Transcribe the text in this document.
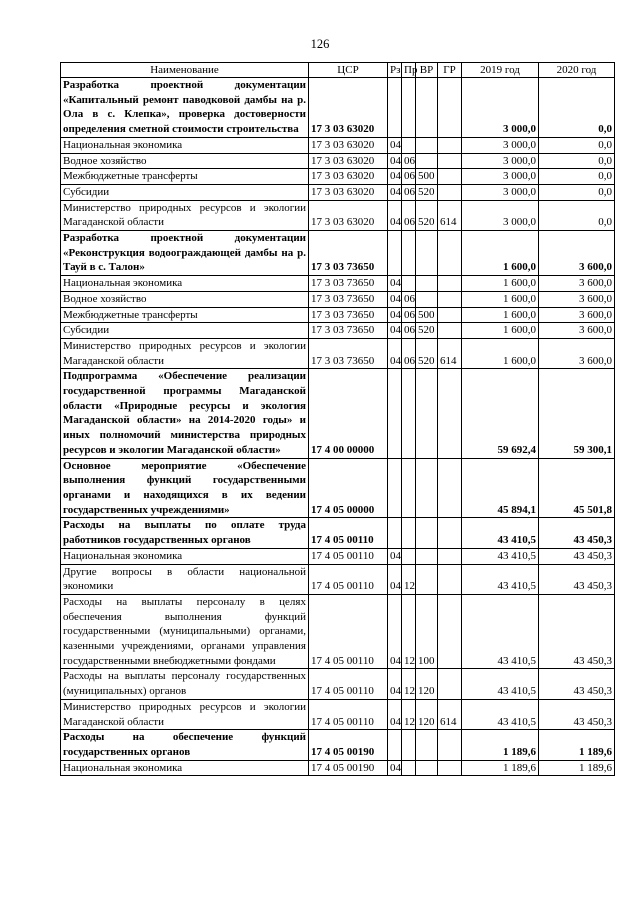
126
Наименование	ЦСР	Рз	Пр	ВР	ГР	2019 год	2020 год
Разработка проектной документации «Капитальный ремонт паводковой дамбы на р. Ола в с. Клепка», проверка достоверности определения сметной стоимости строительства	17 3 03 63020					3 000,0	0,0
Национальная экономика	17 3 03 63020	04				3 000,0	0,0
Водное хозяйство	17 3 03 63020	04	06			3 000,0	0,0
Межбюджетные трансферты	17 3 03 63020	04	06	500		3 000,0	0,0
Субсидии	17 3 03 63020	04	06	520		3 000,0	0,0
Министерство природных ресурсов и экологии Магаданской области	17 3 03 63020	04	06	520	614	3 000,0	0,0
Разработка проектной документации «Реконструкция водоограждающей дамбы на р. Тауй в с. Талон»	17 3 03 73650					1 600,0	3 600,0
Национальная экономика	17 3 03 73650	04				1 600,0	3 600,0
Водное хозяйство	17 3 03 73650	04	06			1 600,0	3 600,0
Межбюджетные трансферты	17 3 03 73650	04	06	500		1 600,0	3 600,0
Субсидии	17 3 03 73650	04	06	520		1 600,0	3 600,0
Министерство природных ресурсов и экологии Магаданской области	17 3 03 73650	04	06	520	614	1 600,0	3 600,0
Подпрограмма «Обеспечение реализации государственной программы Магаданской области «Природные ресурсы и экология Магаданской области» на 2014-2020 годы» и иных полномочий министерства природных ресурсов и экологии Магаданской области»	17 4 00 00000					59 692,4	59 300,1
Основное мероприятие «Обеспечение выполнения функций государственными органами и находящихся в их ведении государственных учреждениями»	17 4 05 00000					45 894,1	45 501,8
Расходы на выплаты по оплате труда работников государственных органов	17 4 05 00110					43 410,5	43 450,3
Национальная экономика	17 4 05 00110	04				43 410,5	43 450,3
Другие вопросы в области национальной экономики	17 4 05 00110	04	12			43 410,5	43 450,3
Расходы на выплаты персоналу в целях обеспечения выполнения функций государственными (муниципальными) органами, казенными учреждениями, органами управления государственными внебюджетными фондами	17 4 05 00110	04	12	100		43 410,5	43 450,3
Расходы на выплаты персоналу государственных (муниципальных) органов	17 4 05 00110	04	12	120		43 410,5	43 450,3
Министерство природных ресурсов и экологии Магаданской области	17 4 05 00110	04	12	120	614	43 410,5	43 450,3
Расходы на обеспечение функций государственных органов	17 4 05 00190					1 189,6	1 189,6
Национальная экономика	17 4 05 00190	04				1 189,6	1 189,6
